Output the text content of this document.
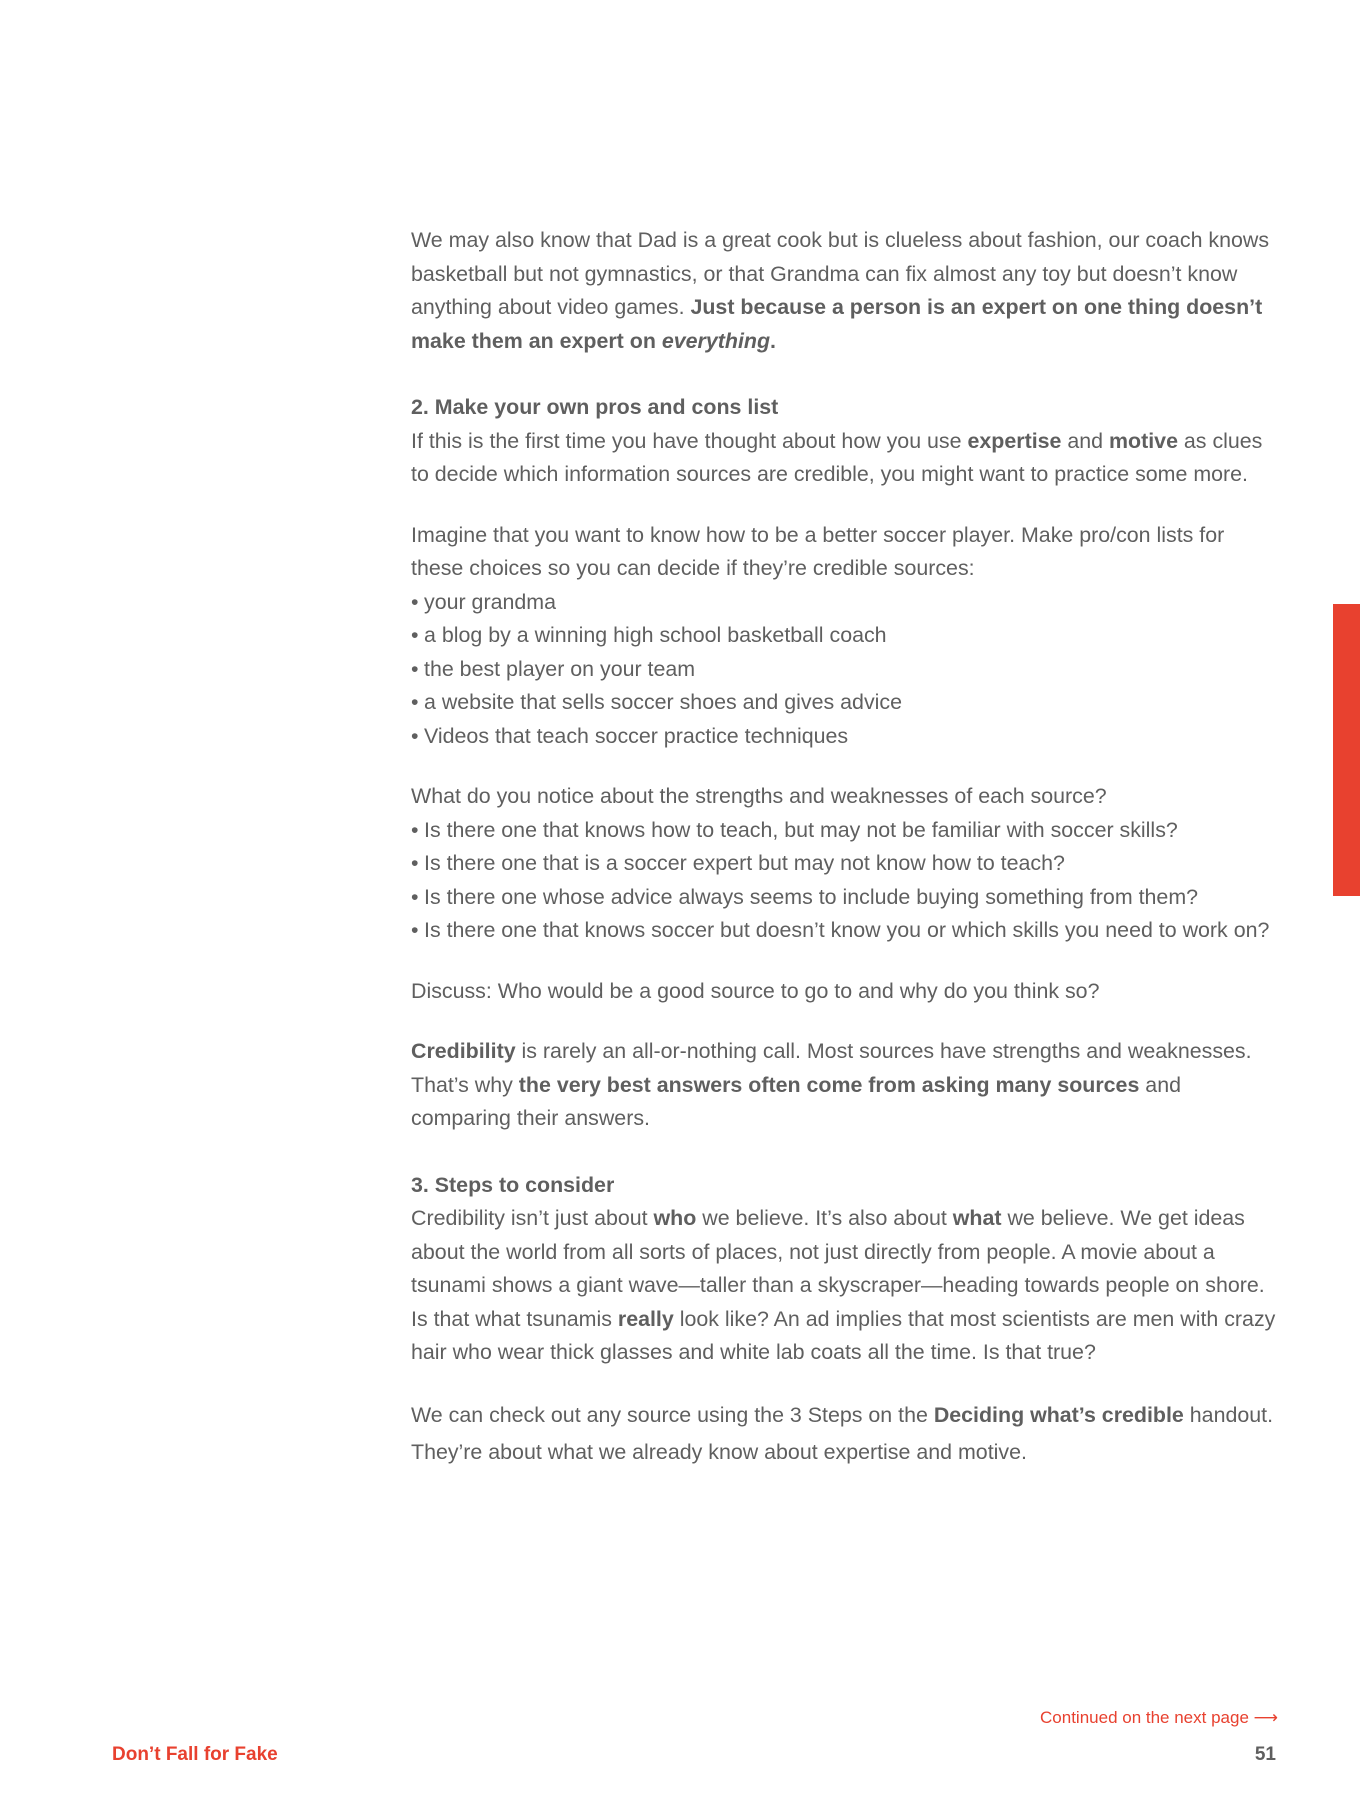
We may also know that Dad is a great cook but is clueless about fashion, our coach knows basketball but not gymnastics, or that Grandma can fix almost any toy but doesn’t know anything about video games. Just because a person is an expert on one thing doesn’t make them an expert on everything.

2. Make your own pros and cons list

If this is the first time you have thought about how you use expertise and motive as clues to decide which information sources are credible, you might want to practice some more.

Imagine that you want to know how to be a better soccer player. Make pro/con lists for these choices so you can decide if they’re credible sources:

• your grandma
• a blog by a winning high school basketball coach
• the best player on your team
• a website that sells soccer shoes and gives advice
• Videos that teach soccer practice techniques

What do you notice about the strengths and weaknesses of each source?

• Is there one that knows how to teach, but may not be familiar with soccer skills?
• Is there one that is a soccer expert but may not know how to teach?
• Is there one whose advice always seems to include buying something from them?
• Is there one that knows soccer but doesn’t know you or which skills you need to work on?

Discuss: Who would be a good source to go to and why do you think so?

Credibility is rarely an all-or-nothing call. Most sources have strengths and weaknesses. That’s why the very best answers often come from asking many sources and comparing their answers.

3. Steps to consider

Credibility isn’t just about who we believe. It’s also about what we believe. We get ideas about the world from all sorts of places, not just directly from people. A movie about a tsunami shows a giant wave—taller than a skyscraper—heading towards people on shore. Is that what tsunamis really look like? An ad implies that most scientists are men with crazy hair who wear thick glasses and white lab coats all the time. Is that true?

We can check out any source using the 3 Steps on the Deciding what’s credible handout. They’re about what we already know about expertise and motive.

Continued on the next page ⟶
Don’t Fall for Fake	51
